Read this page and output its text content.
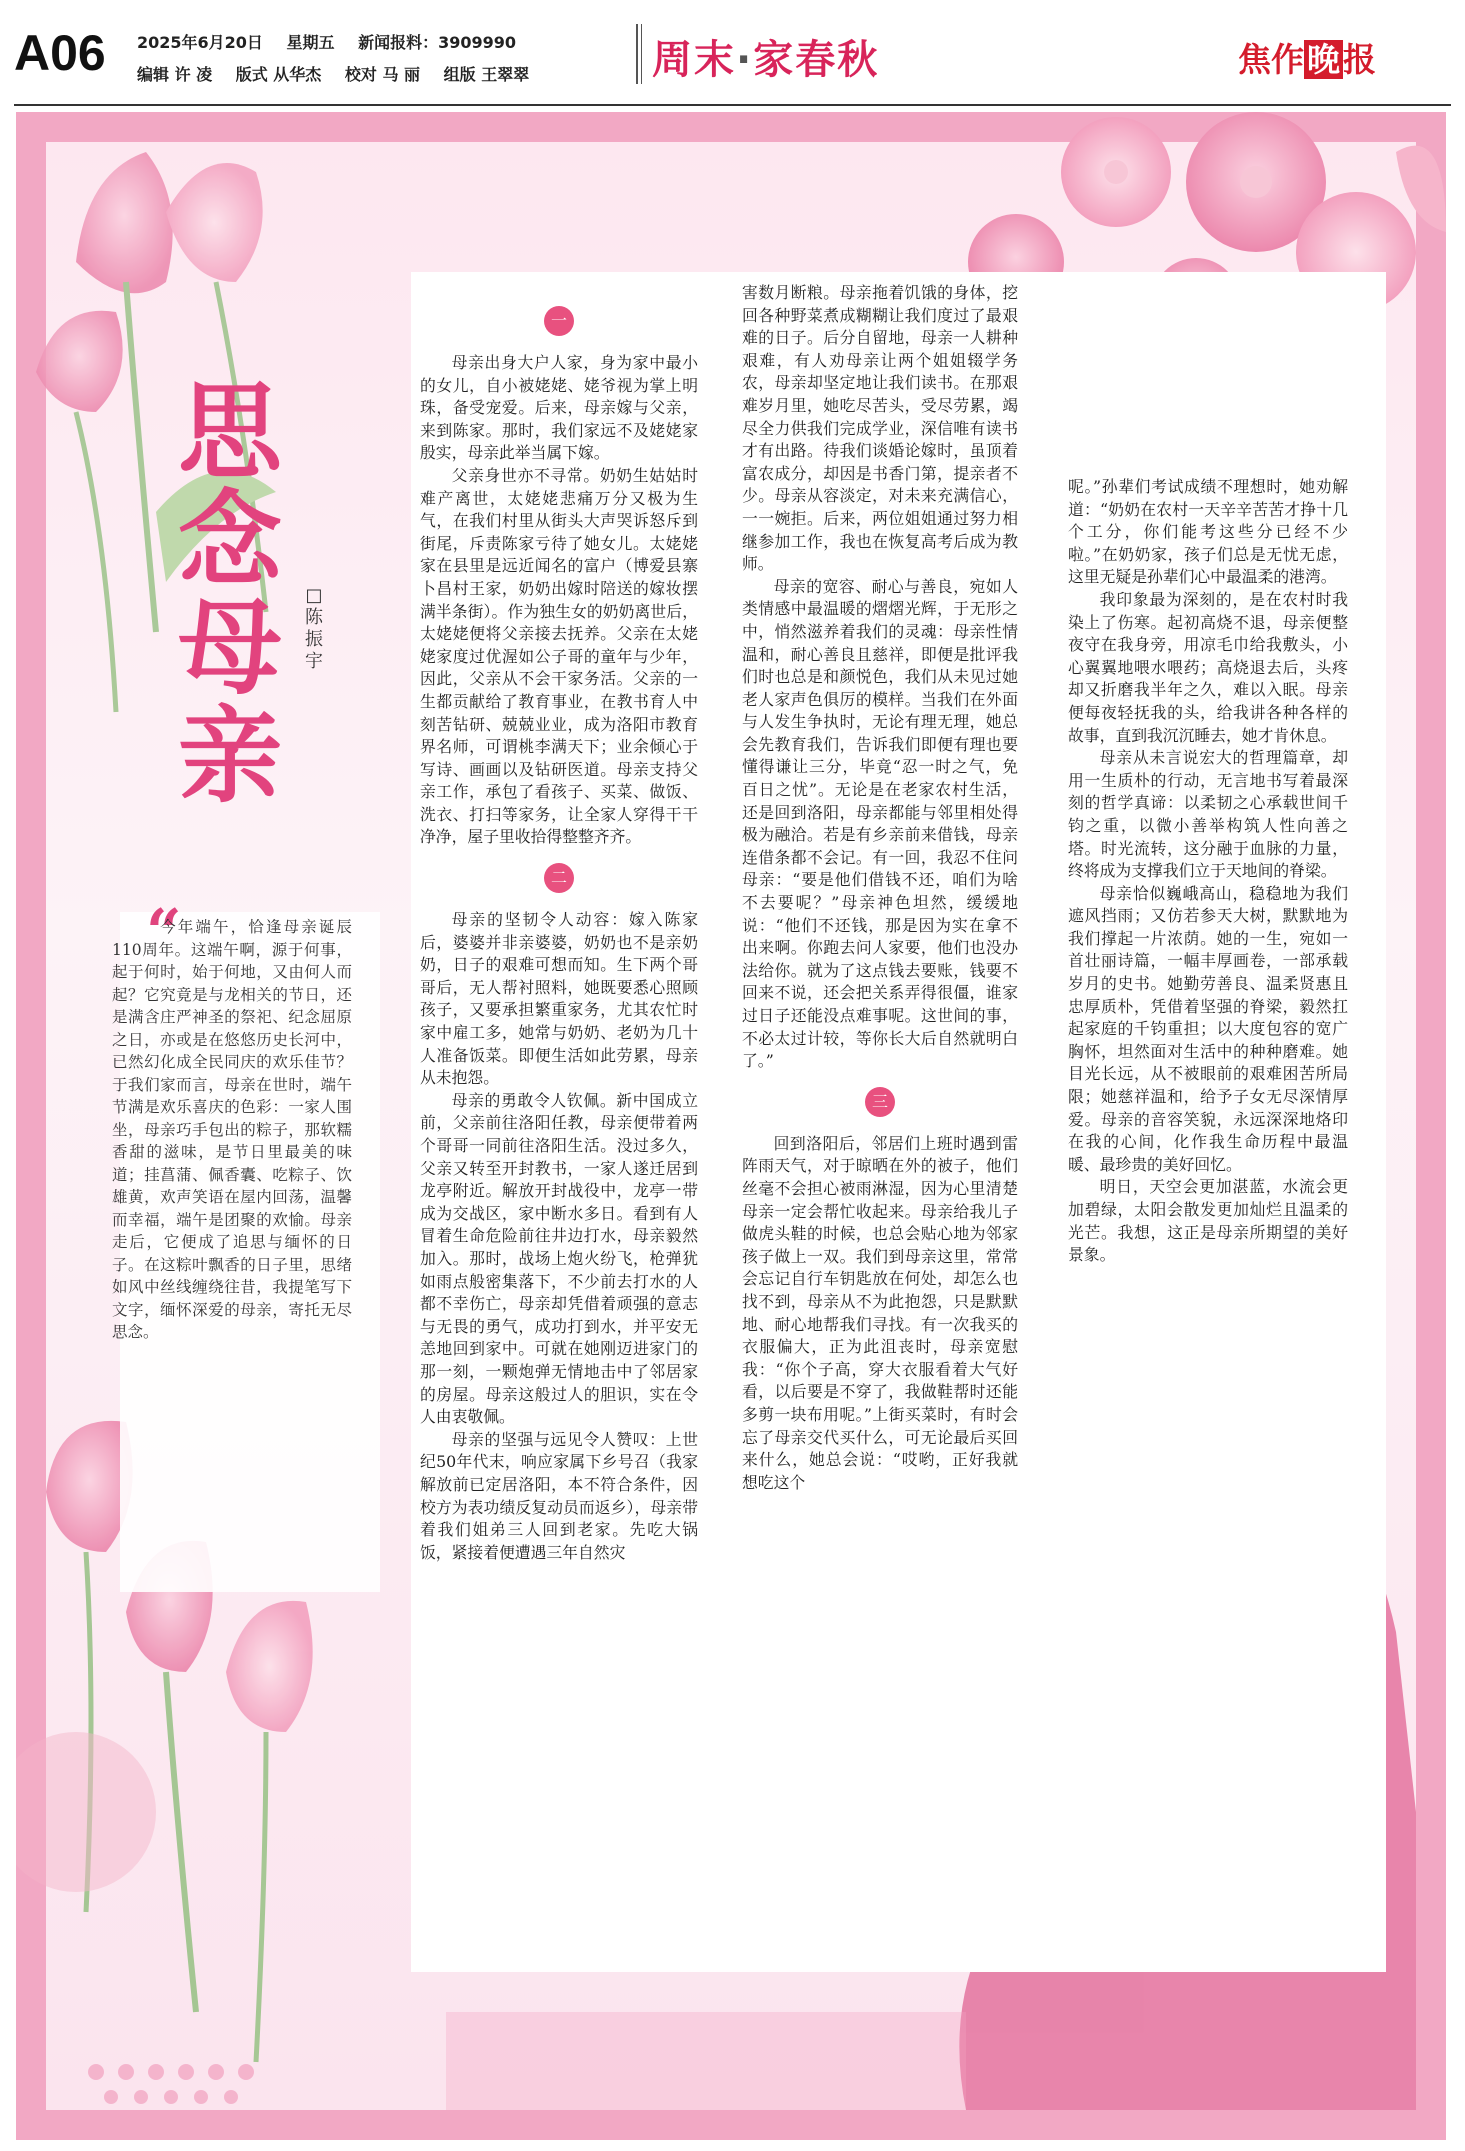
A06 2025年6月20日 星期五 新闻报料：3909990
编辑 许 凌 版式 从华杰 校对 马 丽 组版 王翠翠	周末·家春秋	焦作晚报
思
念
母
亲
□
陈
振
宇
“
今年端午，恰逢母亲诞辰110周年。这端午啊，源于何事，起于何时，始于何地，又由何人而起？它究竟是与龙相关的节日，还是满含庄严神圣的祭祀、纪念屈原之日，亦或是在悠悠历史长河中，已然幻化成全民同庆的欢乐佳节？于我们家而言，母亲在世时，端午节满是欢乐喜庆的色彩：一家人围坐，母亲巧手包出的粽子，那软糯香甜的滋味，是节日里最美的味道；挂菖蒲、佩香囊、吃粽子、饮雄黄，欢声笑语在屋内回荡，温馨而幸福，端午是团聚的欢愉。母亲走后，它便成了追思与缅怀的日子。在这粽叶飘香的日子里，思绪如风中丝线缠绕往昔，我提笔写下文字，缅怀深爱的母亲，寄托无尽思念。
一

母亲出身大户人家，身为家中最小的女儿，自小被姥姥、姥爷视为掌上明珠，备受宠爱。后来，母亲嫁与父亲，来到陈家。那时，我们家远不及姥姥家殷实，母亲此举当属下嫁。

父亲身世亦不寻常。奶奶生姑姑时难产离世，太姥姥悲痛万分又极为生气，在我们村里从街头大声哭诉怒斥到街尾，斥责陈家亏待了她女儿。太姥姥家在县里是远近闻名的富户（博爱县寨卜昌村王家，奶奶出嫁时陪送的嫁妆摆满半条街）。作为独生女的奶奶离世后，太姥姥便将父亲接去抚养。父亲在太姥姥家度过优渥如公子哥的童年与少年，因此，父亲从不会干家务活。父亲的一生都贡献给了教育事业，在教书育人中刻苦钻研、兢兢业业，成为洛阳市教育界名师，可谓桃李满天下；业余倾心于写诗、画画以及钻研医道。母亲支持父亲工作，承包了看孩子、买菜、做饭、洗衣、打扫等家务，让全家人穿得干干净净，屋子里收拾得整整齐齐。

二

母亲的坚韧令人动容：嫁入陈家后，婆婆并非亲婆婆，奶奶也不是亲奶奶，日子的艰难可想而知。生下两个哥哥后，无人帮衬照料，她既要悉心照顾孩子，又要承担繁重家务，尤其农忙时家中雇工多，她常与奶奶、老奶为几十人准备饭菜。即便生活如此劳累，母亲从未抱怨。

母亲的勇敢令人钦佩。新中国成立前，父亲前往洛阳任教，母亲便带着两个哥哥一同前往洛阳生活。没过多久，父亲又转至开封教书，一家人遂迁居到龙亭附近。解放开封战役中，龙亭一带成为交战区，家中断水多日。看到有人冒着生命危险前往井边打水，母亲毅然加入。那时，战场上炮火纷飞，枪弹犹如雨点般密集落下，不少前去打水的人都不幸伤亡，母亲却凭借着顽强的意志与无畏的勇气，成功打到水，并平安无恙地回到家中。可就在她刚迈进家门的那一刻，一颗炮弹无情地击中了邻居家的房屋。母亲这般过人的胆识，实在令人由衷敬佩。

母亲的坚强与远见令人赞叹：上世纪50年代末，响应家属下乡号召（我家解放前已定居洛阳，本不符合条件，因校方为表功绩反复动员而返乡），母亲带着我们姐弟三人回到老家。先吃大锅饭，紧接着便遭遇三年自然灾

害数月断粮。母亲拖着饥饿的身体，挖回各种野菜煮成糊糊让我们度过了最艰难的日子。后分自留地，母亲一人耕种艰难，有人劝母亲让两个姐姐辍学务农，母亲却坚定地让我们读书。在那艰难岁月里，她吃尽苦头，受尽劳累，竭尽全力供我们完成学业，深信唯有读书才有出路。待我们谈婚论嫁时，虽顶着富农成分，却因是书香门第，提亲者不少。母亲从容淡定，对未来充满信心，一一婉拒。后来，两位姐姐通过努力相继参加工作，我也在恢复高考后成为教师。

母亲的宽容、耐心与善良，宛如人类情感中最温暖的熠熠光辉，于无形之中，悄然滋养着我们的灵魂：母亲性情温和，耐心善良且慈祥，即便是批评我们时也总是和颜悦色，我们从未见过她老人家声色俱厉的模样。当我们在外面与人发生争执时，无论有理无理，她总会先教育我们，告诉我们即便有理也要懂得谦让三分，毕竟“忍一时之气，免百日之忧”。无论是在老家农村生活，还是回到洛阳，母亲都能与邻里相处得极为融洽。若是有乡亲前来借钱，母亲连借条都不会记。有一回，我忍不住问母亲：“要是他们借钱不还，咱们为啥不去要呢？”母亲神色坦然，缓缓地说：“他们不还钱，那是因为实在拿不出来啊。你跑去问人家要，他们也没办法给你。就为了这点钱去要账，钱要不回来不说，还会把关系弄得很僵，谁家过日子还能没点难事呢。这世间的事，不必太过计较，等你长大后自然就明白了。”

三

回到洛阳后，邻居们上班时遇到雷阵雨天气，对于晾晒在外的被子，他们丝毫不会担心被雨淋湿，因为心里清楚母亲一定会帮忙收起来。母亲给我儿子做虎头鞋的时候，也总会贴心地为邻家孩子做上一双。我们到母亲这里，常常会忘记自行车钥匙放在何处，却怎么也找不到，母亲从不为此抱怨，只是默默地、耐心地帮我们寻找。有一次我买的衣服偏大，正为此沮丧时，母亲宽慰我：“你个子高，穿大衣服看着大气好看，以后要是不穿了，我做鞋帮时还能多剪一块布用呢。”上街买菜时，有时会忘了母亲交代买什么，可无论最后买回来什么，她总会说：“哎哟，正好我就想吃这个

呢。”孙辈们考试成绩不理想时，她劝解道：“奶奶在农村一天辛辛苦苦才挣十几个工分，你们能考这些分已经不少啦。”在奶奶家，孩子们总是无忧无虑，这里无疑是孙辈们心中最温柔的港湾。

我印象最为深刻的，是在农村时我染上了伤寒。起初高烧不退，母亲便整夜守在我身旁，用凉毛巾给我敷头，小心翼翼地喂水喂药；高烧退去后，头疼却又折磨我半年之久，难以入眠。母亲便每夜轻抚我的头，给我讲各种各样的故事，直到我沉沉睡去，她才肯休息。

母亲从未言说宏大的哲理篇章，却用一生质朴的行动，无言地书写着最深刻的哲学真谛：以柔韧之心承载世间千钧之重，以微小善举构筑人性向善之塔。时光流转，这分融于血脉的力量，终将成为支撑我们立于天地间的脊梁。

母亲恰似巍峨高山，稳稳地为我们遮风挡雨；又仿若参天大树，默默地为我们撑起一片浓荫。她的一生，宛如一首壮丽诗篇，一幅丰厚画卷，一部承载岁月的史书。她勤劳善良、温柔贤惠且忠厚质朴，凭借着坚强的脊梁，毅然扛起家庭的千钧重担；以大度包容的宽广胸怀，坦然面对生活中的种种磨难。她目光长远，从不被眼前的艰难困苦所局限；她慈祥温和，给予子女无尽深情厚爱。母亲的音容笑貌，永远深深地烙印在我的心间，化作我生命历程中最温暖、最珍贵的美好回忆。

明日，天空会更加湛蓝，水流会更加碧绿，太阳会散发更加灿烂且温柔的光芒。我想，这正是母亲所期望的美好景象。
